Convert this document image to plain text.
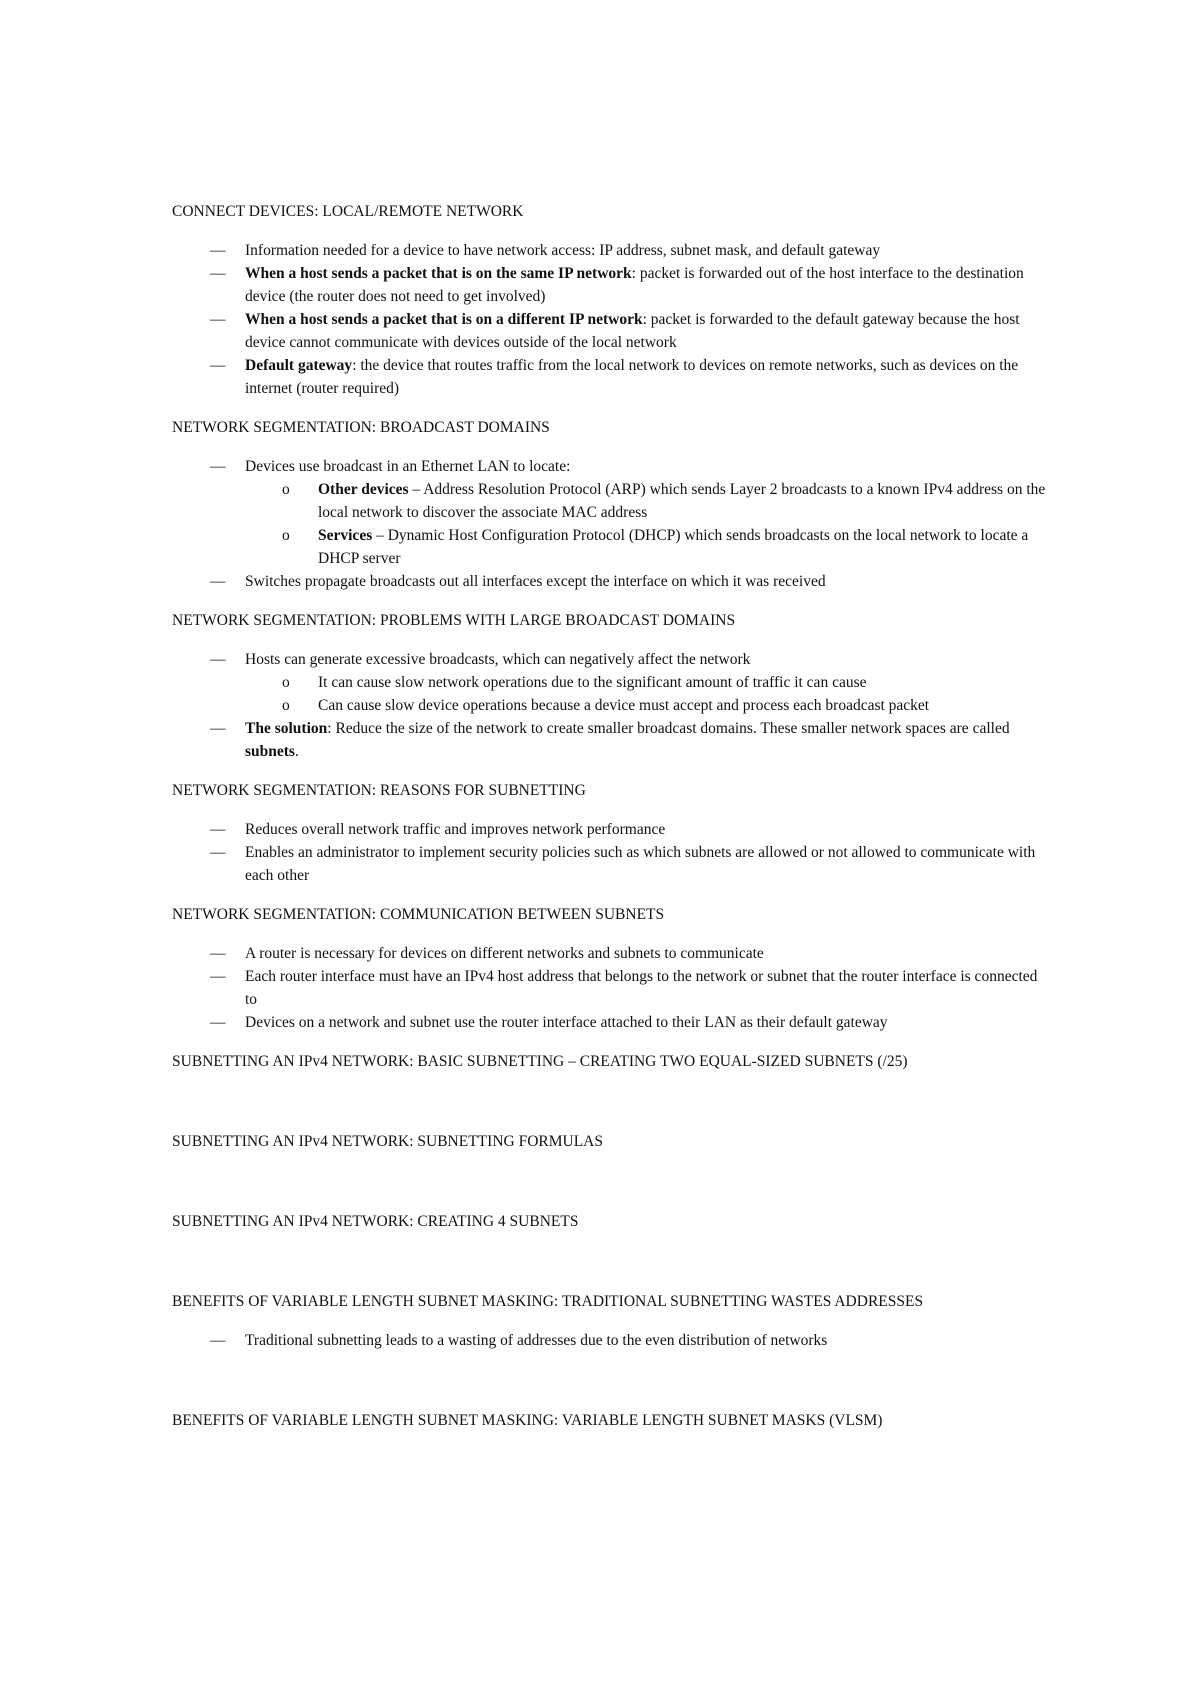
CONNECT DEVICES: LOCAL/REMOTE NETWORK
— Information needed for a device to have network access: IP address, subnet mask, and default gateway
— When a host sends a packet that is on the same IP network: packet is forwarded out of the host interface to the destination device (the router does not need to get involved)
— When a host sends a packet that is on a different IP network: packet is forwarded to the default gateway because the host device cannot communicate with devices outside of the local network
— Default gateway: the device that routes traffic from the local network to devices on remote networks, such as devices on the internet (router required)
NETWORK SEGMENTATION: BROADCAST DOMAINS
— Devices use broadcast in an Ethernet LAN to locate:
o Other devices – Address Resolution Protocol (ARP) which sends Layer 2 broadcasts to a known IPv4 address on the local network to discover the associate MAC address
o Services – Dynamic Host Configuration Protocol (DHCP) which sends broadcasts on the local network to locate a DHCP server
— Switches propagate broadcasts out all interfaces except the interface on which it was received
NETWORK SEGMENTATION: PROBLEMS WITH LARGE BROADCAST DOMAINS
— Hosts can generate excessive broadcasts, which can negatively affect the network
o It can cause slow network operations due to the significant amount of traffic it can cause
o Can cause slow device operations because a device must accept and process each broadcast packet
— The solution: Reduce the size of the network to create smaller broadcast domains. These smaller network spaces are called subnets.
NETWORK SEGMENTATION: REASONS FOR SUBNETTING
— Reduces overall network traffic and improves network performance
— Enables an administrator to implement security policies such as which subnets are allowed or not allowed to communicate with each other
NETWORK SEGMENTATION: COMMUNICATION BETWEEN SUBNETS
— A router is necessary for devices on different networks and subnets to communicate
— Each router interface must have an IPv4 host address that belongs to the network or subnet that the router interface is connected to
— Devices on a network and subnet use the router interface attached to their LAN as their default gateway
SUBNETTING AN IPv4 NETWORK: BASIC SUBNETTING – CREATING TWO EQUAL-SIZED SUBNETS (/25)
SUBNETTING AN IPv4 NETWORK: SUBNETTING FORMULAS
SUBNETTING AN IPv4 NETWORK: CREATING 4 SUBNETS
BENEFITS OF VARIABLE LENGTH SUBNET MASKING: TRADITIONAL SUBNETTING WASTES ADDRESSES
— Traditional subnetting leads to a wasting of addresses due to the even distribution of networks
BENEFITS OF VARIABLE LENGTH SUBNET MASKING: VARIABLE LENGTH SUBNET MASKS (VLSM)
